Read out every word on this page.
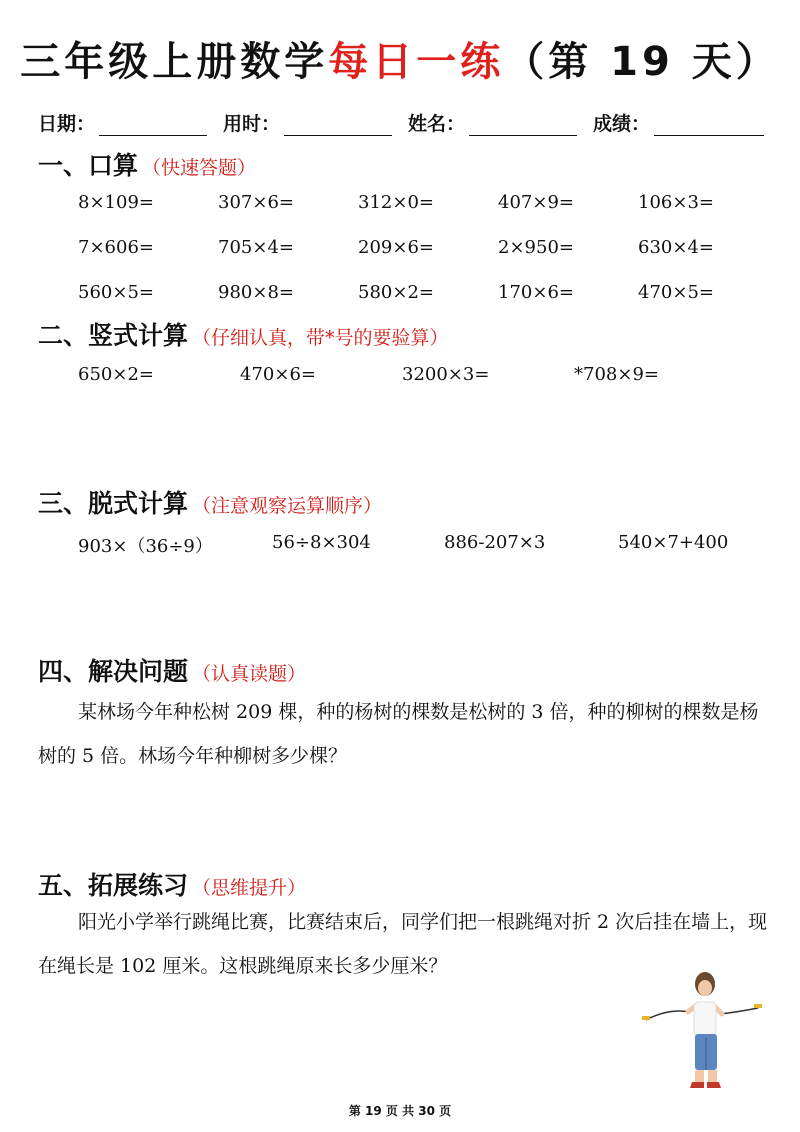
三年级上册数学每日一练（第 19 天）
日期：	用时：	姓名：	成绩：
一、口算 （快速答题）
8×109=	307×6=	312×0=	407×9=	106×3=
7×606=	705×4=	209×6=	2×950=	630×4=
560×5=	980×8=	580×2=	170×6=	470×5=
二、竖式计算 （仔细认真，带*号的要验算）
650×2=	470×6=	3200×3=	*708×9=
三、脱式计算 （注意观察运算顺序）
903×（36÷9）	56÷8×304	886-207×3	540×7+400
四、解决问题 （认真读题）
某林场今年种松树 209 棵，种的杨树的棵数是松树的 3 倍，种的柳树的棵数是杨树的 5 倍。林场今年种柳树多少棵？
五、拓展练习 （思维提升）
阳光小学举行跳绳比赛，比赛结束后，同学们把一根跳绳对折 2 次后挂在墙上，现在绳长是 102 厘米。这根跳绳原来长多少厘米？
第 19 页 共 30 页
